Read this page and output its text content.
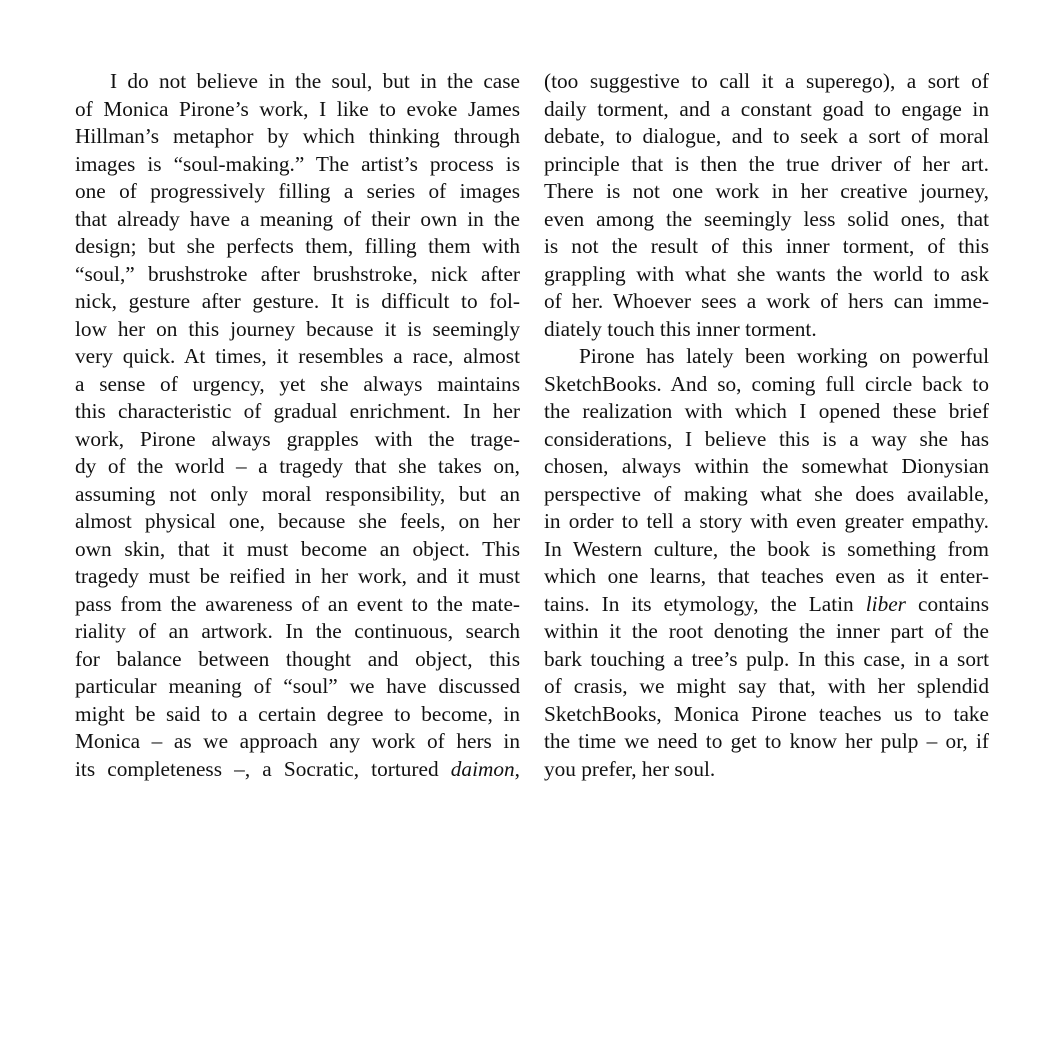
I do not believe in the soul, but in the case
of Monica Pirone’s work, I like to evoke James
Hillman’s metaphor by which thinking through
images is “soul-making.” The artist’s process is
one of progressively filling a series of images
that already have a meaning of their own in the
design; but she perfects them, filling them with
“soul,” brushstroke after brushstroke, nick after
nick, gesture after gesture. It is difficult to fol-
low her on this journey because it is seemingly
very quick. At times, it resembles a race, almost
a sense of urgency, yet she always maintains
this characteristic of gradual enrichment. In her
work, Pirone always grapples with the trage-
dy of the world – a tragedy that she takes on,
assuming not only moral responsibility, but an
almost physical one, because she feels, on her
own skin, that it must become an object. This
tragedy must be reified in her work, and it must
pass from the awareness of an event to the mate-
riality of an artwork. In the continuous, search
for balance between thought and object, this
particular meaning of “soul” we have discussed
might be said to a certain degree to become, in
Monica – as we approach any work of hers in
its completeness –, a Socratic, tortured daimon,
(too suggestive to call it a superego), a sort of
daily torment, and a constant goad to engage in
debate, to dialogue, and to seek a sort of moral
principle that is then the true driver of her art.
There is not one work in her creative journey,
even among the seemingly less solid ones, that
is not the result of this inner torment, of this
grappling with what she wants the world to ask
of her. Whoever sees a work of hers can imme-
diately touch this inner torment.
Pirone has lately been working on powerful
SketchBooks. And so, coming full circle back to
the realization with which I opened these brief
considerations, I believe this is a way she has
chosen, always within the somewhat Dionysian
perspective of making what she does available,
in order to tell a story with even greater empathy.
In Western culture, the book is something from
which one learns, that teaches even as it enter-
tains. In its etymology, the Latin liber contains
within it the root denoting the inner part of the
bark touching a tree’s pulp. In this case, in a sort
of crasis, we might say that, with her splendid
SketchBooks, Monica Pirone teaches us to take
the time we need to get to know her pulp – or, if
you prefer, her soul.
